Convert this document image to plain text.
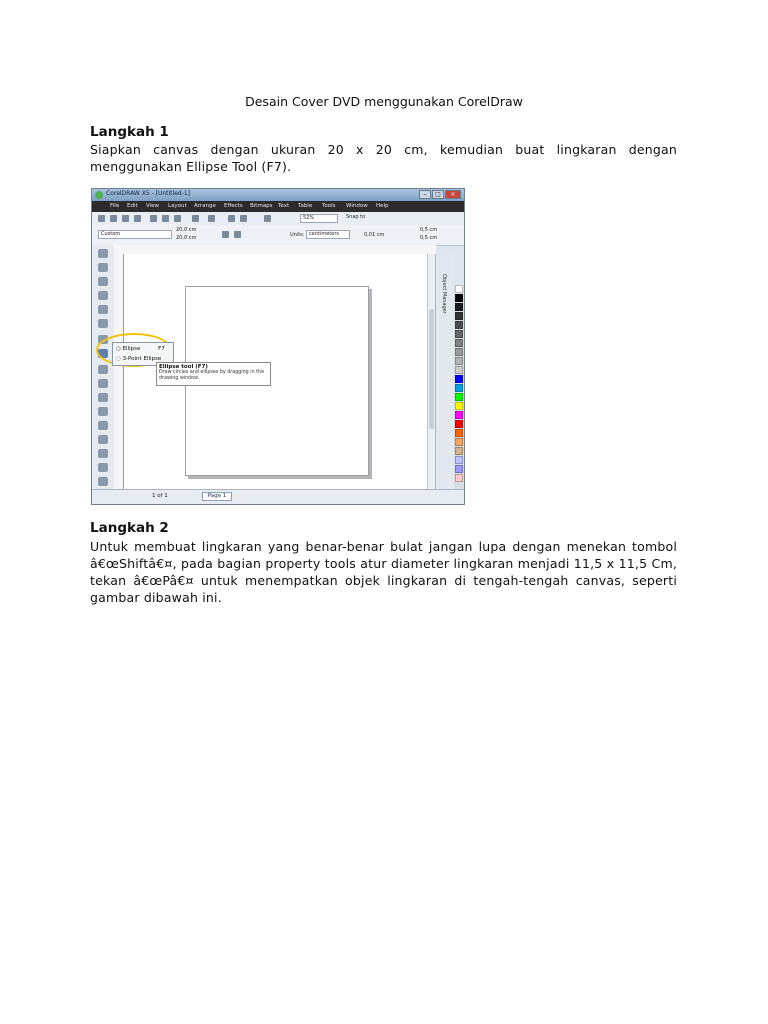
Desain Cover DVD menggunakan CorelDraw
Langkah 1
Siapkan canvas dengan ukuran 20 x 20 cm, kemudian buat lingkaran dengan menggunakan Ellipse Tool (F7).
CorelDRAW X5 - [Untitled-1]	–	□	×
File Edit View Layout Arrange Effects Bitmaps Text Table Tools Window Help
52%	Snap to
Custom
20,0 cm
20,0 cm	Units: centimeters	0,01 cm
0,5 cm
0,5 cm
Object Manager
1 of 1	Page 1
○ Ellipse	F7
◌ 3-Point Ellipse
Ellipse tool (F7)
Draw circles and ellipses by dragging in the drawing window.
Langkah 2
Untuk membuat lingkaran yang benar-benar bulat jangan lupa dengan menekan tombol â€œShiftâ€¤, pada bagian property tools atur diameter lingkaran menjadi 11,5 x 11,5 Cm, tekan â€œPâ€¤ untuk menempatkan objek lingkaran di tengah-tengah canvas, seperti gambar dibawah ini.
